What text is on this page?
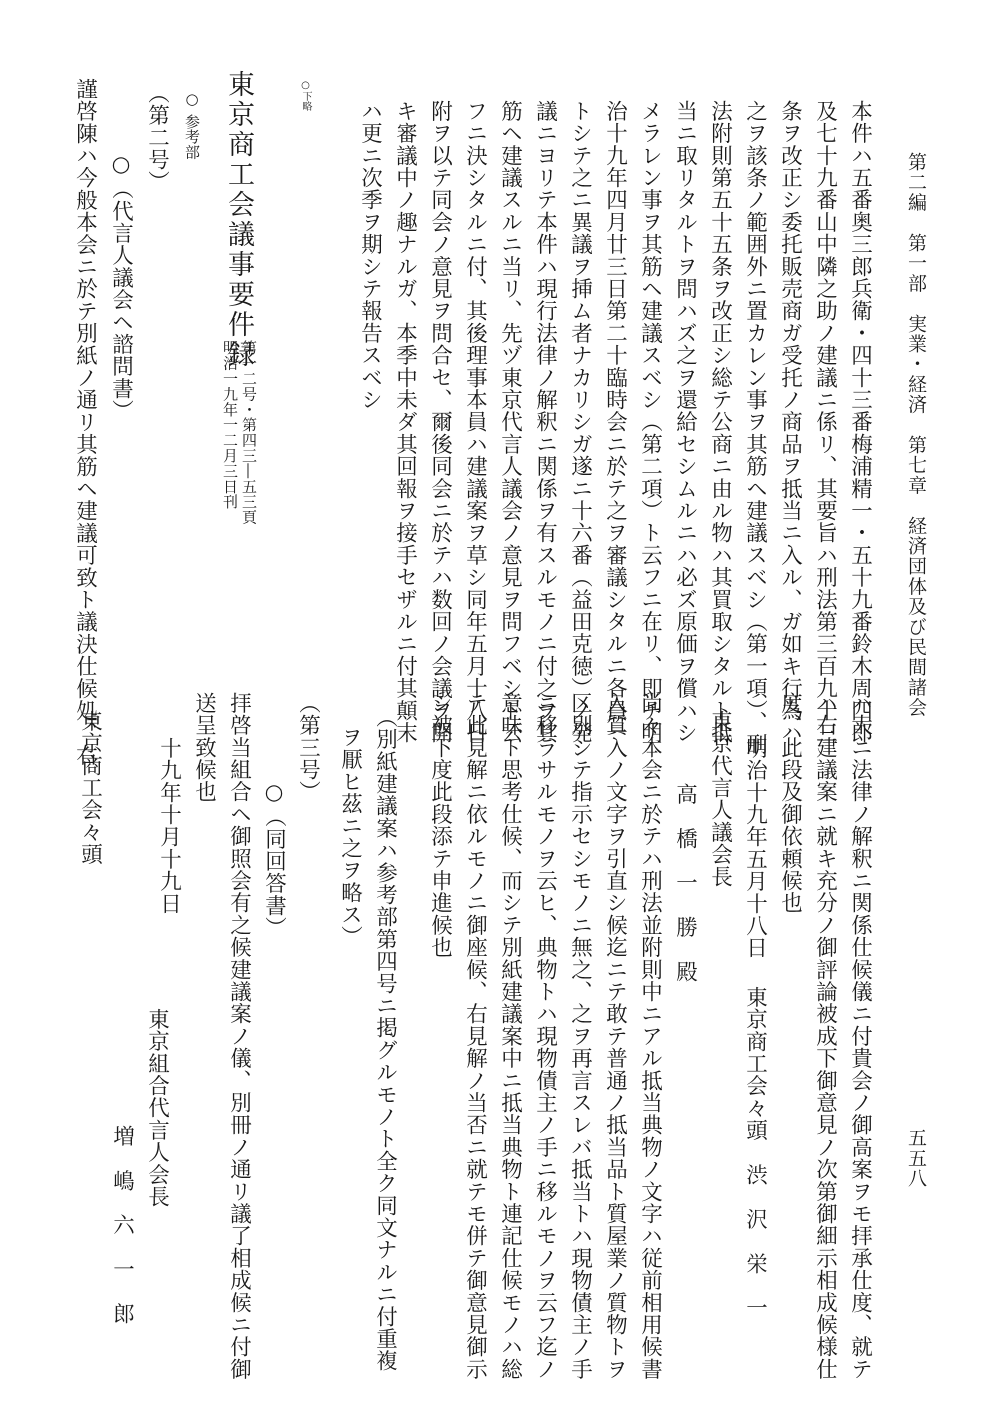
第二編　第一部　実業・経済　第七章　経済団体及び民間諸会
五五八
本件ハ五番奥三郎兵衛・四十三番梅浦精一・五十九番鈴木周四郎
及七十九番山中隣之助ノ建議ニ係リ、其要旨ハ刑法第三百九十三
条ヲ改正シ委托販売商ガ受托ノ商品ヲ抵当ニ入ル、ガ如キ行為ハ
之ヲ該条ノ範囲外ニ置カレン事ヲ其筋ヘ建議スベシ（第一項）、刑
法附則第五十五条ヲ改正シ総テ公商ニ由ル物ハ其買取シタルト抵
当ニ取リタルトヲ問ハズ之ヲ還給セシムルニハ必ズ原価ヲ償ハシ
メラレン事ヲ其筋ヘ建議スベシ（第二項）ト云フニ在リ、即チ明
治十九年四月廿三日第二十臨時会ニ於テ之ヲ審議シタルニ各員一
トシテ之ニ異議ヲ挿ム者ナカリシガ遂ニ十六番（益田克徳）ノ発
議ニヨリテ本件ハ現行法律ノ解釈ニ関係ヲ有スルモノニ付之ヲ其
筋ヘ建議スルニ当リ、先ヅ東京代言人議会ノ意見ヲ問フベシト云
フニ決シタルニ付、其後理事本員ハ建議案ヲ草シ同年五月十八日
附ヲ以テ同会ノ意見ヲ問合セ、爾後同会ニ於テハ数回ノ会議ヲ開
キ審議中ノ趣ナルガ、本季中未ダ其回報ヲ接手セザルニ付其顛末
ハ更ニ次季ヲ期シテ報告スベシ
○下略
東京商工会議事要件録
第一二号・第四三―五三頁
明治一九年一二月三日刊
○ 参考部
（第二号）
○（代言人議会ヘ諮問書）
謹啓陳ハ今般本会ニ於テ別紙ノ通リ其筋ヘ建議可致ト議決仕候処、右
ハ大ニ法律ノ解釈ニ関係仕候儀ニ付貴会ノ御高案ヲモ拝承仕度、就テ
ハ右建議案ニ就キ充分ノ御評論被成下御意見ノ次第御細示相成候様仕
度、此段及御依頼候也
明治十九年五月十八日
東京商工会々頭　渋　沢　栄　一
東京代言人議会長
高　橋　一　勝　殿
尚々本会ニ於テハ刑法並附則中ニアル抵当典物ノ文字ハ従前相用候書
入質入ノ文字ヲ引直シ候迄ニテ敢テ普通ノ抵当品ト質屋業ノ質物トヲ
区別シテ指示セシモノニ無之、之ヲ再言スレバ抵当トハ現物債主ノ手
ニ移ラサルモノヲ云ヒ、典物トハ現物債主ノ手ニ移ルモノヲ云フ迄ノ
意味ト思考仕候、而シテ別紙建議案中ニ抵当典物ト連記仕候モノハ総
テ此見解ニ依ルモノニ御座候、右見解ノ当否ニ就テモ併テ御意見御示
シ被下度此段添テ申進候也
（別紙建議案ハ参考部第四号ニ掲グルモノト全ク同文ナルニ付重複
ヲ厭ヒ茲ニ之ヲ略ス）
（第三号）
○（同回答書）
拝啓当組合ヘ御照会有之候建議案ノ儀、別冊ノ通リ議了相成候ニ付御
送呈致候也
十九年十月十九日
東京組合代言人会長
増　嶋　六　一　郎
東京商工会々頭
